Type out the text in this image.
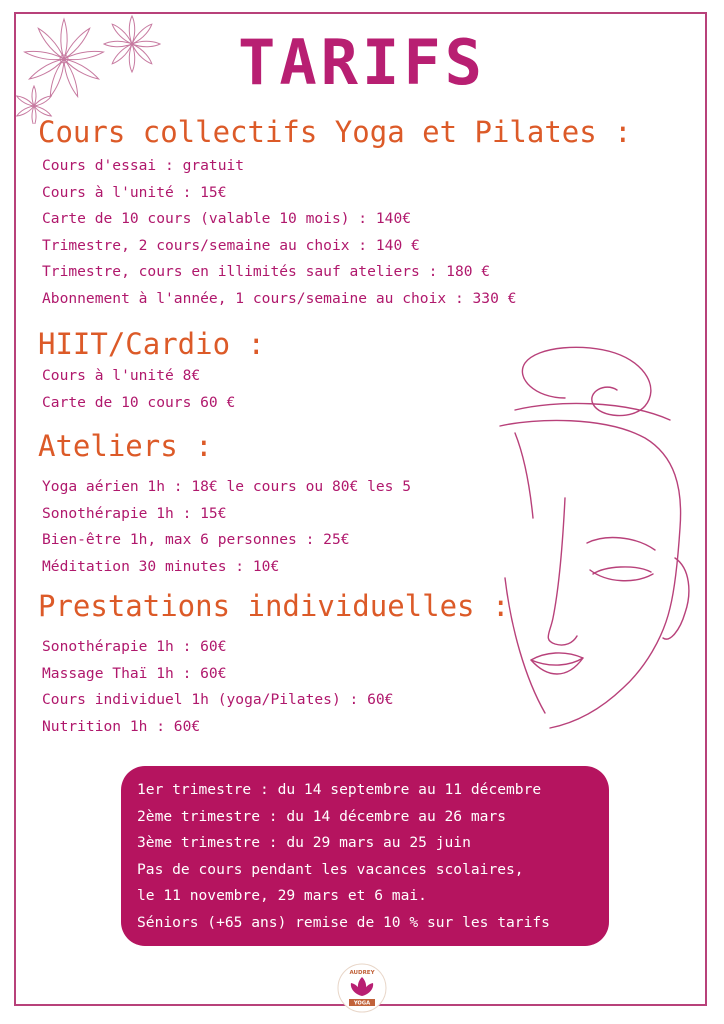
TARIFS
Cours collectifs Yoga et Pilates :
Cours d'essai : gratuit
Cours à l'unité : 15€
Carte de 10 cours (valable 10 mois) : 140€
Trimestre, 2 cours/semaine au choix : 140 €
Trimestre, cours en illimités sauf ateliers : 180 €
Abonnement à l'année, 1 cours/semaine au choix : 330 €
HIIT/Cardio :
Cours à l'unité 8€
Carte de 10 cours 60 €
Ateliers :
Yoga aérien 1h : 18€ le cours ou 80€ les 5
Sonothérapie 1h : 15€
Bien-être 1h, max 6 personnes : 25€
Méditation 30 minutes : 10€
Prestations individuelles :
Sonothérapie 1h : 60€
Massage Thaï 1h : 60€
Cours individuel 1h (yoga/Pilates) : 60€
Nutrition 1h : 60€
1er trimestre : du 14 septembre au 11 décembre
2ème trimestre : du 14 décembre au 26 mars
3ème trimestre : du 29 mars au 25 juin
Pas de cours pendant les vacances scolaires,
le 11 novembre, 29 mars et 6 mai.
Séniors (+65 ans) remise de 10 % sur les tarifs
AUDREY
YOGA
